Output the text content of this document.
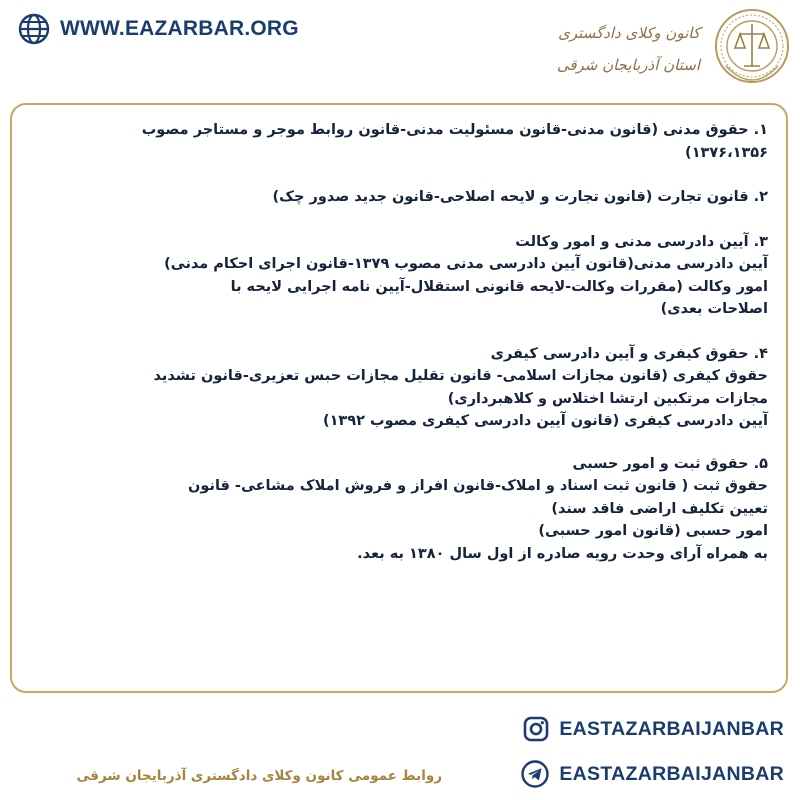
WWW.EAZARBAR.ORG	کانون وکلای دادگستری
استان آذربایجان شرقی

۱. حقوق مدنی (قانون مدنی-قانون مسئولیت مدنی-قانون روابط موجر و مستاجر مصوب

۱۳۷۶،۱۳۵۶)

۲. قانون تجارت (قانون تجارت و لایحه اصلاحی-قانون جدید صدور چک)

۳. آیین دادرسی مدنی و امور وکالت

آیین دادرسی مدنی(قانون آیین دادرسی مدنی مصوب ۱۳۷۹-قانون اجرای احکام مدنی)

امور وکالت (مقررات وکالت-لایحه قانونی استقلال-آیین نامه اجرایی لایحه با

اصلاحات بعدی)

۴. حقوق کیفری و آیین دادرسی کیفری

حقوق کیفری (قانون مجازات اسلامی- قانون تقلیل مجازات حبس تعزیری-قانون تشدید

مجازات مرتکبین ارتشا اختلاس و کلاهبرداری)

آیین دادرسی کیفری (قانون آیین دادرسی کیفری مصوب ۱۳۹۲)

۵. حقوق ثبت و امور حسبی

حقوق ثبت ( قانون ثبت اسناد و املاک-قانون افراز و فروش املاک مشاعی- قانون

تعیین تکلیف اراضی فاقد سند)

امور حسبی (قانون امور حسبی)

به همراه آرای وحدت رویه صادره از اول سال ۱۳۸۰ به بعد.

EASTAZARBAIJANBAR
EASTAZARBAIJANBAR
روابط عمومی کانون وکلای دادگستری آذربایجان شرقی
